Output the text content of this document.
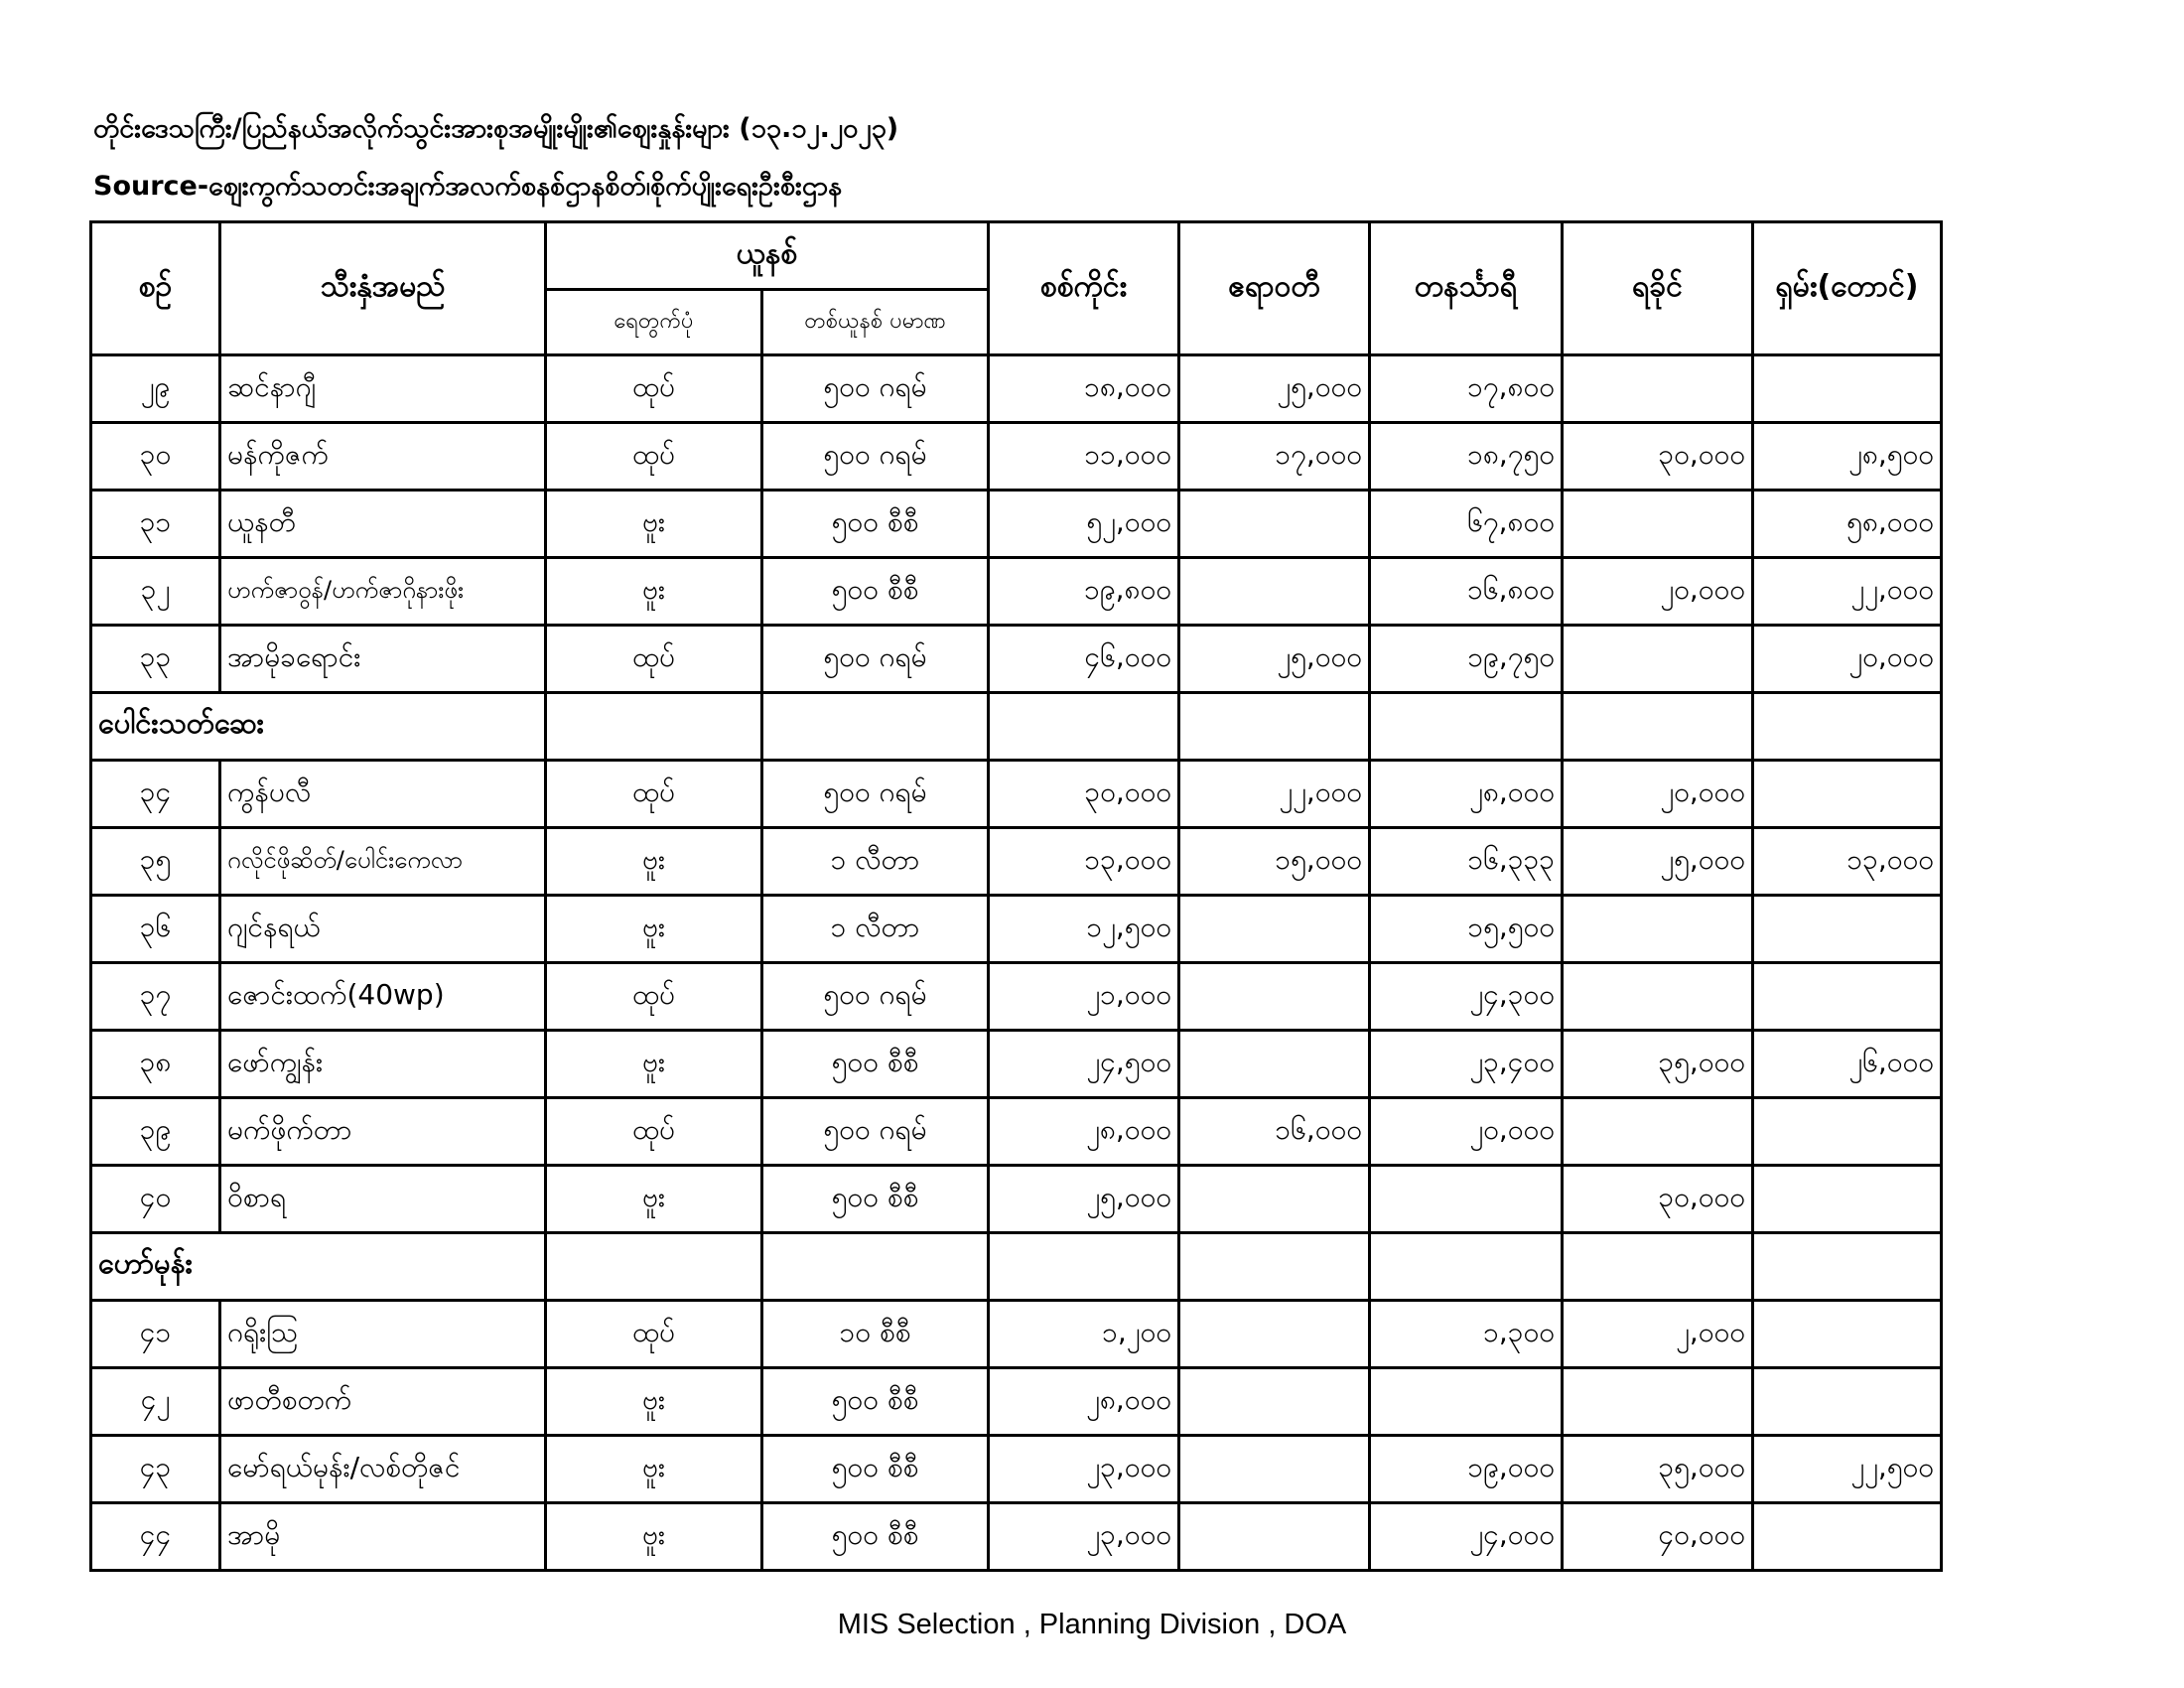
တိုင်းဒေသကြီး/ပြည်နယ်အလိုက်သွင်းအားစုအမျိုးမျိုး၏ဈေးနှုန်းများ (၁၃.၁၂.၂၀၂၃)
Source-ဈေးကွက်သတင်းအချက်အလက်စနစ်ဌာနစိတ်၊စိုက်ပျိုးရေးဦးစီးဌာန
စဉ်	သီးနှံအမည်	ယူနစ်		စစ်ကိုင်း	ဧရာဝတီ	တနင်္သာရီ	ရခိုင်	ရှမ်း(တောင်)
		ရေတွက်ပုံ	တစ်ယူနစ် ပမာဏ					
၂၉	ဆင်နာဂျီ	ထုပ်	၅၀၀ ဂရမ်	၁၈,၀၀၀	၂၅,၀၀၀	၁၇,၈၀၀		
၃၀	မန်ကိုဇက်	ထုပ်	၅၀၀ ဂရမ်	၁၁,၀၀၀	၁၇,၀၀၀	၁၈,၇၅၀	၃၀,၀၀၀	၂၈,၅၀၀
၃၁	ယူနတီ	ဗူး	၅၀၀ စီစီ	၅၂,၀၀၀		၆၇,၈၀၀		၅၈,၀၀၀
၃၂	ဟက်ဇာဝွန်/ဟက်ဇာဂိုနားဖိုး	ဗူး	၅၀၀ စီစီ	၁၉,၈၀၀		၁၆,၈၀၀	၂၀,၀၀၀	၂၂,၀၀၀
၃၃	အာမိုခရောင်း	ထုပ်	၅၀၀ ဂရမ်	၄၆,၀၀၀	၂၅,၀၀၀	၁၉,၇၅၀		၂၀,၀၀၀
ပေါင်းသတ်ဆေး								
၃၄	ကွန်ပလီ	ထုပ်	၅၀၀ ဂရမ်	၃၀,၀၀၀	၂၂,၀၀၀	၂၈,၀၀၀	၂၀,၀၀၀	
၃၅	ဂလိုင်ဖိုဆိတ်/ပေါင်းကေလာ	ဗူး	၁ လီတာ	၁၃,၀၀၀	၁၅,၀၀၀	၁၆,၃၃၃	၂၅,၀၀၀	၁၃,၀၀၀
၃၆	ဂျင်နရယ်	ဗူး	၁ လီတာ	၁၂,၅၀၀		၁၅,၅၀၀		
၃၇	ဇောင်းထက်(40wp)	ထုပ်	၅၀၀ ဂရမ်	၂၁,၀၀၀		၂၄,၃၀၀		
၃၈	ဖော်ကျွန်း	ဗူး	၅၀၀ စီစီ	၂၄,၅၀၀		၂၃,၄၀၀	၃၅,၀၀၀	၂၆,၀၀၀
၃၉	မက်ဖိုက်တာ	ထုပ်	၅၀၀ ဂရမ်	၂၈,၀၀၀	၁၆,၀၀၀	၂၀,၀၀၀		
၄၀	ဝိစာရ	ဗူး	၅၀၀ စီစီ	၂၅,၀၀၀			၃၀,၀၀၀	
ဟော်မုန်း								
၄၁	ဂရိုးသြ	ထုပ်	၁၀ စီစီ	၁,၂၀၀		၁,၃၀၀	၂,၀၀၀	
၄၂	ဖာတီစတက်	ဗူး	၅၀၀ စီစီ	၂၈,၀၀၀				
၄၃	မော်ရယ်မုန်း/လစ်တိုဇင်	ဗူး	၅၀၀ စီစီ	၂၃,၀၀၀		၁၉,၀၀၀	၃၅,၀၀၀	၂၂,၅၀၀
၄၄	အာမို	ဗူး	၅၀၀ စီစီ	၂၃,၀၀၀		၂၄,၀၀၀	၄၀,၀၀၀	
MIS Selection , Planning Division , DOA
